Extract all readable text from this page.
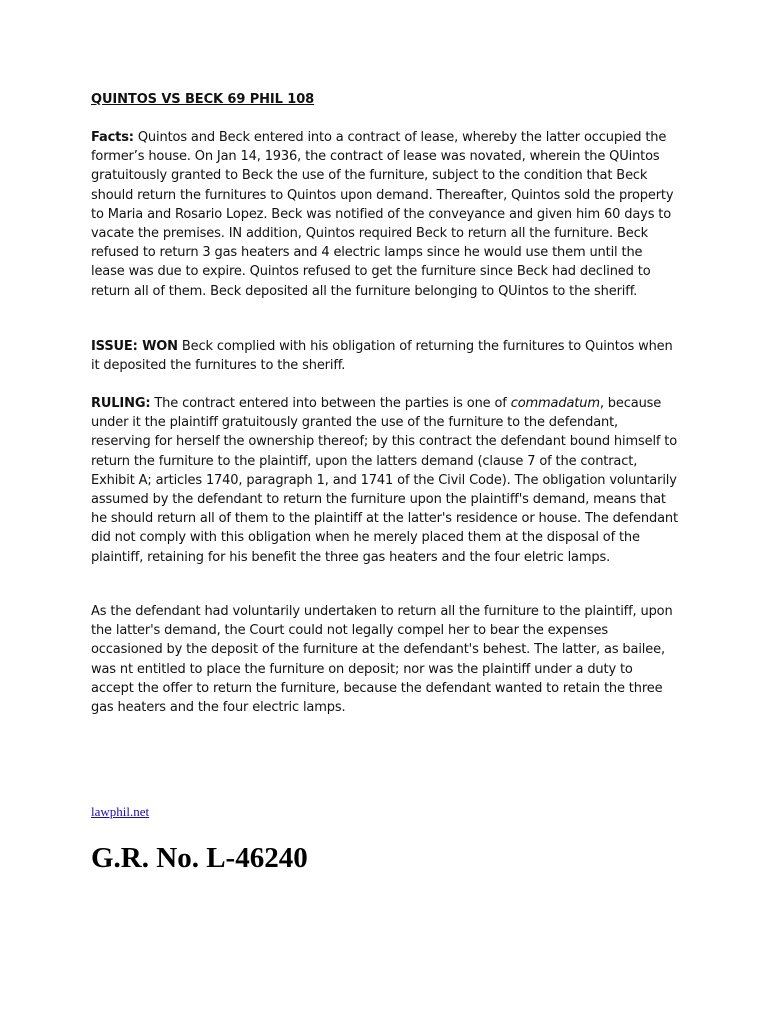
QUINTOS VS BECK 69 PHIL 108

Facts: Quintos and Beck entered into a contract of lease, whereby the latter occupied the former’s house. On Jan 14, 1936, the contract of lease was novated, wherein the QUintos gratuitously granted to Beck the use of the furniture, subject to the condition that Beck should return the furnitures to Quintos upon demand. Thereafter, Quintos sold the property to Maria and Rosario Lopez. Beck was notified of the conveyance and given him 60 days to vacate the premises. IN addition, Quintos required Beck to return all the furniture. Beck refused to return 3 gas heaters and 4 electric lamps since he would use them until the lease was due to expire. Quintos refused to get the furniture since Beck had declined to return all of them. Beck deposited all the furniture belonging to QUintos to the sheriff.

ISSUE: WON Beck complied with his obligation of returning the furnitures to Quintos when it deposited the furnitures to the sheriff.

RULING: The contract entered into between the parties is one of commadatum, because under it the plaintiff gratuitously granted the use of the furniture to the defendant, reserving for herself the ownership thereof; by this contract the defendant bound himself to return the furniture to the plaintiff, upon the latters demand (clause 7 of the contract, Exhibit A; articles 1740, paragraph 1, and 1741 of the Civil Code). The obligation voluntarily assumed by the defendant to return the furniture upon the plaintiff's demand, means that he should return all of them to the plaintiff at the latter's residence or house. The defendant did not comply with this obligation when he merely placed them at the disposal of the plaintiff, retaining for his benefit the three gas heaters and the four eletric lamps.

As the defendant had voluntarily undertaken to return all the furniture to the plaintiff, upon the latter's demand, the Court could not legally compel her to bear the expenses occasioned by the deposit of the furniture at the defendant's behest. The latter, as bailee, was nt entitled to place the furniture on deposit; nor was the plaintiff under a duty to accept the offer to return the furniture, because the defendant wanted to retain the three gas heaters and the four electric lamps.

lawphil.net
G.R. No. L-46240
